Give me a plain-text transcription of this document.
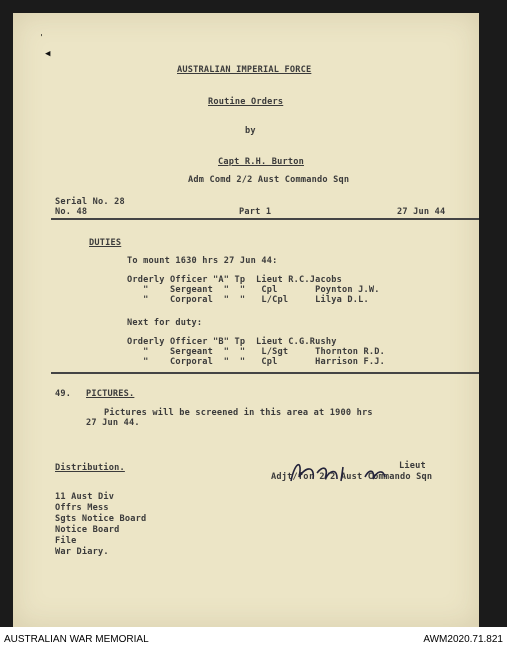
AUSTRALIAN IMPERIAL FORCE
Routine Orders
by
Capt R.H. Burton
Adm Comd 2/2 Aust Commando Sqn
Serial No. 28
No. 48	Part 1	27 Jun 44
DUTIES
To mount 1630 hrs 27 Jun 44:
Orderly Officer "A" Tp  Lieut R.C.Jacobs
"    Sergeant  "  "   Cpl       Poynton J.W.
"    Corporal  "  "   L/Cpl     Lilya D.L.
Next for duty:
Orderly Officer "B" Tp  Lieut C.G.Rushy
"    Sergeant  "  "   L/Sgt     Thornton R.D.
"    Corporal  "  "   Cpl       Harrison F.J.
49. PICTURES.
Pictures will be screened in this area at 1900 hrs
27 Jun 44.
Lieut
Adjt/for 2/2 Aust Commando Sqn
Distribution.
11 Aust Div
Offrs Mess
Sgts Notice Board
Notice Board
File
War Diary.
'
◀
AUSTRALIAN WAR MEMORIAL	AWM2020.71.821
